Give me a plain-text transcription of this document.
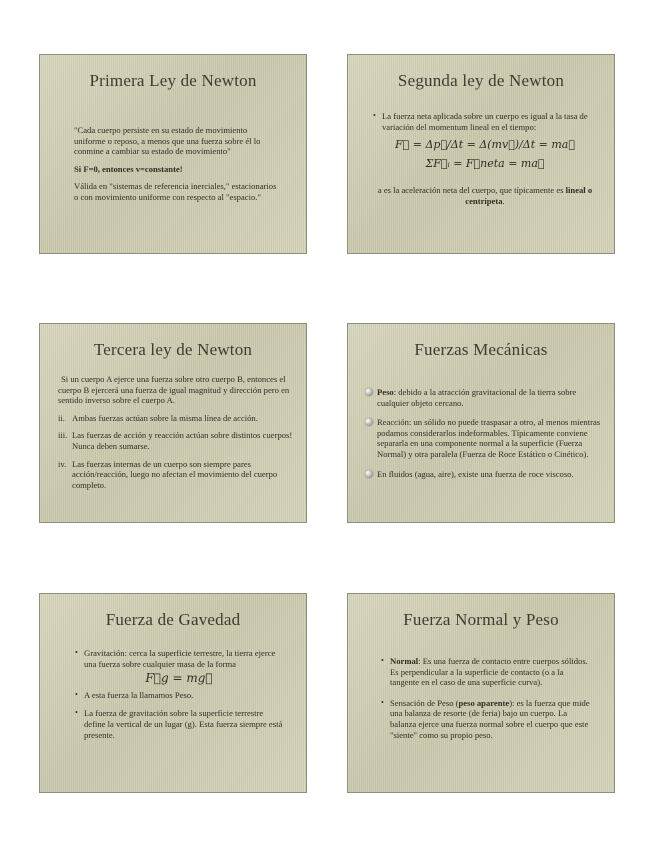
Primera Ley de Newton

"Cada cuerpo persiste en su estado de movimiento uniforme o reposo, a menos que una fuerza sobre él lo conmine a cambiar su estado de movimiento"

Si F=0, entonces v=constante!

Válida en "sistemas de referencia inerciales," estacionarios o con movimiento uniforme con respecto al "espacio."

Segunda ley de Newton
• La fuerza neta aplicada sobre un cuerpo es igual a la tasa de variación del momentum lineal en el tiempo:
F⃗ = Δp⃗/Δt = Δ(mv⃗)/Δt = ma⃗
ΣF⃗ᵢ = F⃗neta = ma⃗

a es la aceleración neta del cuerpo, que típicamente es lineal o centrípeta.

Tercera ley de Newton

Si un cuerpo A ejerce una fuerza sobre otro cuerpo B, entonces el cuerpo B ejercerá una fuerza de igual magnitud y dirección pero en sentido inverso sobre el cuerpo A.

ii. Ambas fuerzas actúan sobre la misma línea de acción.
iii. Las fuerzas de acción y reacción actúan sobre distintos cuerpos! Nunca deben sumarse.
iv. Las fuerzas internas de un cuerpo son siempre pares acción/reacción, luego no afectan el movimiento del cuerpo completo.
Fuerzas Mecánicas
Peso: debido a la atracción gravitacional de la tierra sobre cualquier objeto cercano.
Reacción: un sólido no puede traspasar a otro, al menos mientras podamos considerarlos indeformables. Típicamente conviene separarla en una componente normal a la superficie (Fuerza Normal) y otra paralela (Fuerza de Roce Estático o Cinético).
En fluidos (agua, aire), existe una fuerza de roce viscoso.
Fuerza de Gavedad
• Gravitación: cerca la superficie terrestre, la tierra ejerce una fuerza sobre cualquier masa de la forma
F⃗g = mg⃗
• A esta fuerza la llamamos Peso.
• La fuerza de gravitación sobre la superficie terrestre define la vertical de un lugar (g). Esta fuerza siempre está presente.
Fuerza Normal y Peso
• Normal: Es una fuerza de contacto entre cuerpos sólidos. Es perpendicular a la superficie de contacto (o a la tangente en el caso de una superficie curva).
• Sensación de Peso (peso aparente): es la fuerza que mide una balanza de resorte (de feria) bajo un cuerpo. La balanza ejerce una fuerza normal sobre el cuerpo que este "siente" como su propio peso.
